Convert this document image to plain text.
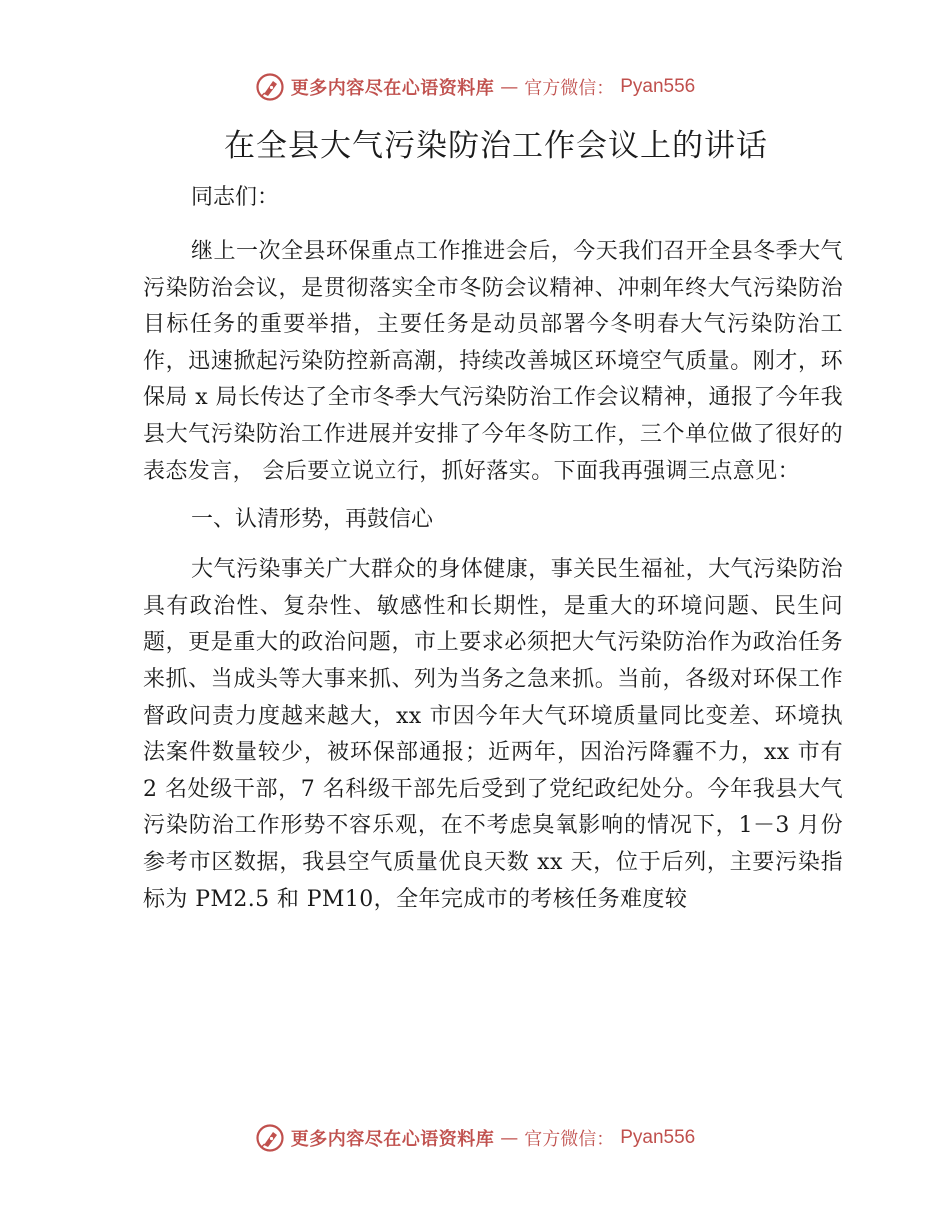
更多内容尽在心语资料库 — 官方微信： Pyan556
在全县大气污染防治工作会议上的讲话

同志们：

继上一次全县环保重点工作推进会后，今天我们召开全县冬季大气污染防治会议，是贯彻落实全市冬防会议精神、冲刺年终大气污染防治目标任务的重要举措，主要任务是动员部署今冬明春大气污染防治工作，迅速掀起污染防控新高潮，持续改善城区环境空气质量。刚才，环保局 x 局长传达了全市冬季大气污染防治工作会议精神，通报了今年我县大气污染防治工作进展并安排了今年冬防工作，三个单位做了很好的表态发言， 会后要立说立行，抓好落实。下面我再强调三点意见：

一、认清形势，再鼓信心

大气污染事关广大群众的身体健康，事关民生福祉，大气污染防治具有政治性、复杂性、敏感性和长期性，是重大的环境问题、民生问题，更是重大的政治问题，市上要求必须把大气污染防治作为政治任务来抓、当成头等大事来抓、列为当务之急来抓。当前，各级对环保工作督政问责力度越来越大，xx 市因今年大气环境质量同比变差、环境执法案件数量较少，被环保部通报；近两年，因治污降霾不力，xx 市有 2 名处级干部，7 名科级干部先后受到了党纪政纪处分。今年我县大气污染防治工作形势不容乐观，在不考虑臭氧影响的情况下，1－3 月份参考市区数据，我县空气质量优良天数 xx 天，位于后列，主要污染指标为 PM2.5 和 PM10，全年完成市的考核任务难度较

更多内容尽在心语资料库 — 官方微信： Pyan556
